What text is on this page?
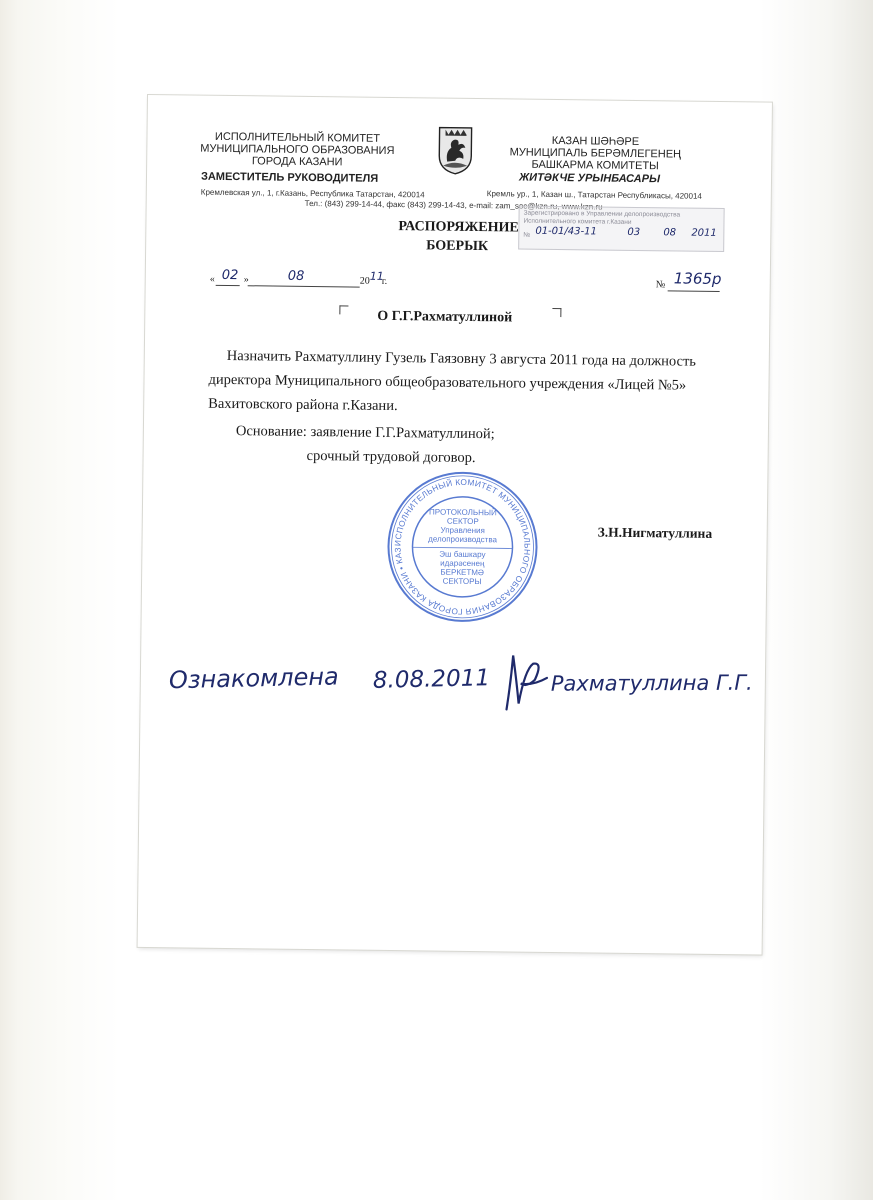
ИСПОЛНИТЕЛЬНЫЙ КОМИТЕТ
МУНИЦИПАЛЬНОГО ОБРАЗОВАНИЯ
ГОРОДА КАЗАНИ
ЗАМЕСТИТЕЛЬ РУКОВОДИТЕЛЯ
Кремлевская ул., 1, г.Казань, Республика Татарстан, 420014
КАЗАН ШӘҺӘРЕ
МУНИЦИПАЛЬ БЕРӘМЛЕГЕНЕҢ
БАШКАРМА КОМИТЕТЫ
ЖИТӘКЧЕ УРЫНБАСАРЫ
Кремль ур., 1, Казан ш., Татарстан Республикасы, 420014
Тел.: (843) 299-14-44, факс (843) 299-14-43, e-mail: zam_soc@kzn.ru, www.kzn.ru
Зарегистрировано в Управлении делопроизводства
Исполнительного комитета г.Казани
№ 01-01/43-11	03 08 2011
РАСПОРЯЖЕНИЕ
БОЕРЫК
« 02 »	08	20 11
г.	№ 1365р
О Г.Г.Рахматуллиной
Назначить Рахматуллину Гузель Гаязовну 3 августа 2011 года на должность
директора Муниципального общеобразовательного учреждения «Лицей №5»
Вахитовского района г.Казани.
Основание: заявление Г.Г.Рахматуллиной;
срочный трудовой договор.
З.Н.Нигматуллина
ИСПОЛНИТЕЛЬНЫЙ КОМИТЕТ МУНИЦИПАЛЬНОГО ОБРАЗОВАНИЯ ГОРОДА КАЗАНИ • КАЗАН
ПРОТОКОЛЬНЫЙ
СЕКТОР
Управления
делопроизводства
Эш башкару
идарәсенең
БЕРКЕТМӘ
СЕКТОРЫ
Ознакомлена 8.08.2011	Рахматуллина Г.Г.
